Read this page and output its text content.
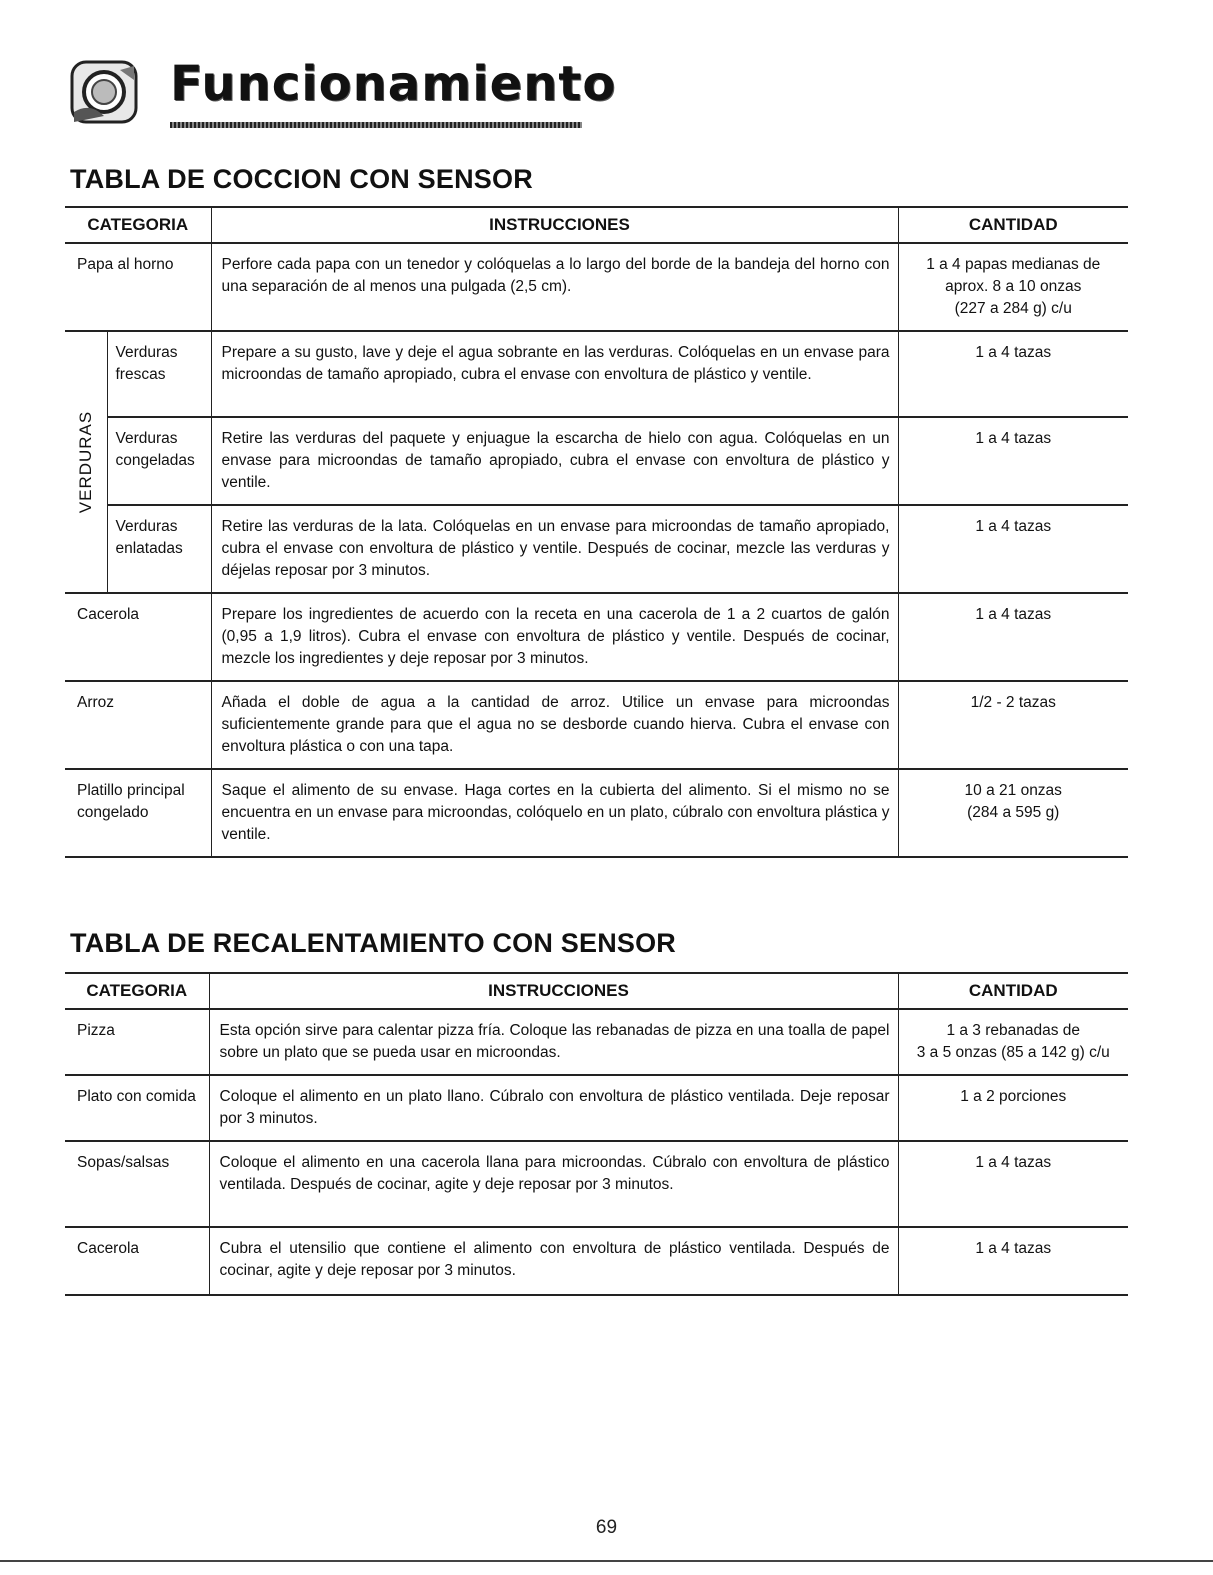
Funcionamiento
TABLA DE COCCION CON SENSOR
CATEGORIA		INSTRUCCIONES	CANTIDAD
Papa al horno		Perfore cada papa con un tenedor y colóquelas a lo largo del borde de la bandeja del horno con una separación de al menos una pulgada (2,5 cm).	1 a 4 papas medianas de
aprox. 8 a 10 onzas
(227 a 284 g) c/u

VERDURAS	Verduras frescas	Prepare a su gusto, lave y deje el agua sobrante en las verduras. Colóquelas en un envase para microondas de tamaño apropiado, cubra el envase con envoltura de plástico y ventile.	1 a 4 tazas

	Verduras congeladas	Retire las verduras del paquete y enjuague la escarcha de hielo con agua. Colóquelas en un envase para microondas de tamaño apropiado, cubra el envase con envoltura de plástico y ventile.	1 a 4 tazas

	Verduras enlatadas	Retire las verduras de la lata. Colóquelas en un envase para microondas de tamaño apropiado, cubra el envase con envoltura de plástico y ventile. Después de cocinar, mezcle las verduras y déjelas reposar por 3 minutos.	1 a 4 tazas

Cacerola		Prepare los ingredientes de acuerdo con la receta en una cacerola de 1 a 2 cuartos de galón (0,95 a 1,9 litros). Cubra el envase con envoltura de plástico y ventile. Después de cocinar, mezcle los ingredientes y deje reposar por 3 minutos.	1 a 4 tazas

Arroz		Añada el doble de agua a la cantidad de arroz. Utilice un envase para microondas suficientemente grande para que el agua no se desborde cuando hierva. Cubra el envase con envoltura plástica o con una tapa.	1/2 - 2 tazas

Platillo principal congelado		Saque el alimento de su envase. Haga cortes en la cubierta del alimento. Si el mismo no se encuentra en un envase para microondas, colóquelo en un plato, cúbralo con envoltura plástica y ventile.	10 a 21 onzas
(284 a 595 g)
TABLA DE RECALENTAMIENTO CON SENSOR
CATEGORIA	INSTRUCCIONES	CANTIDAD
Pizza	Esta opción sirve para calentar pizza fría. Coloque las rebanadas de pizza en una toalla de papel sobre un plato que se pueda usar en microondas.	1 a 3 rebanadas de
3 a 5 onzas (85 a 142 g) c/u

Plato con comida	Coloque el alimento en un plato llano. Cúbralo con envoltura de plástico ventilada. Deje reposar por 3 minutos.	1 a 2 porciones

Sopas/salsas	Coloque el alimento en una cacerola llana para microondas. Cúbralo con envoltura de plástico ventilada. Después de cocinar, agite y deje reposar por 3 minutos.	1 a 4 tazas

Cacerola	Cubra el utensilio que contiene el alimento con envoltura de plástico ventilada. Después de cocinar, agite y deje reposar por 3 minutos.	1 a 4 tazas
69
